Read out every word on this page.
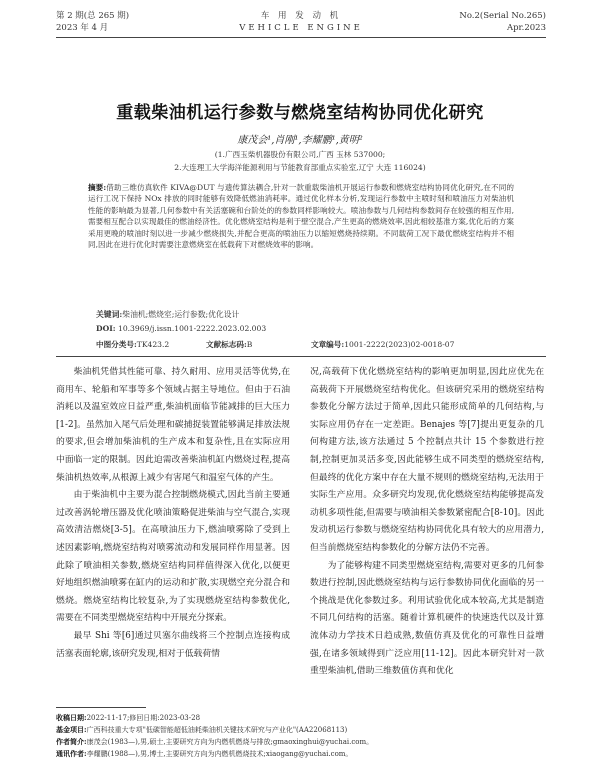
第 2 期(总 265 期)
2023 年 4 月
车 用 发 动 机
VEHICLE ENGINE
No.2(Serial No.265)
Apr.2023
重载柴油机运行参数与燃烧室结构协同优化研究
康茂会¹,肖刚¹,李耀鹏¹,黄明²
(1.广西玉柴机器股份有限公司,广西 玉林 537000;
2.大连理工大学海洋能源利用与节能教育部重点实验室,辽宁 大连 116024)
摘要:借助三维仿真软件 KIVA@DUT 与遗传算法耦合,针对一款重载柴油机开展运行参数和燃烧室结构协同优化研究,在不同的运行工况下保持 NOx 排放的同时能够有效降低燃油消耗率。通过优化样本分析,发现运行参数中主喷时刻和喷油压力对柴油机性能的影响最为显著,几何参数中有关活塞碗和台阶处的的参数同样影响较大。喷油参数与几何结构参数间存在较强的相互作用,需要相互配合以实现最佳的燃油经济性。优化燃烧室结构是利于壁空混合,产生更高的燃烧效率,因此相较基准方案,优化后的方案采用更晚的喷油时刻以进一步减少燃烧损失,并配合更高的喷油压力以缩短燃烧持续期。不同载荷工况下最优燃烧室结构并不相同,因此在进行优化时需要注意燃烧室在低载荷下对燃烧效率的影响。
关键词:柴油机;燃烧室;运行参数;优化设计
DOI: 10.3969/j.issn.1001-2222.2023.02.003
中图分类号:TK423.2	文献标志码:B	文章编号:1001-2222(2023)02-0018-07

柴油机凭借其性能可靠、持久耐用、应用灵活等优势,在商用车、轮船和军事等多个领域占据主导地位。但由于石油消耗以及温室效应日益严重,柴油机面临节能减排的巨大压力[1-2]。虽然加入尾气后处理和碳捕捉装置能够满足排放法规的要求,但会增加柴油机的生产成本和复杂性,且在实际应用中面临一定的限制。因此迫需改善柴油机缸内燃烧过程,提高柴油机热效率,从根源上减少有害尾气和温室气体的产生。

由于柴油机中主要为混合控制燃烧模式,因此当前主要通过改善涡轮增压器及优化喷油策略促进柴油与空气混合,实现高效清洁燃烧[3-5]。在高喷油压力下,燃油喷雾除了受到上述因素影响,燃烧室结构对喷雾流动和发展同样作用显著。因此除了喷油相关参数,燃烧室结构同样值得深入优化,以便更好地组织燃油喷雾在缸内的运动和扩散,实现燃空充分混合和燃烧。燃烧室结构比较复杂,为了实现燃烧室结构参数优化,需要在不同类型燃烧室结构中开展充分探索。

最早 Shi 等[6]通过贝塞尔曲线将三个控制点连接构成活塞表面轮廓,该研究发现,相对于低载荷情

况,高载荷下优化燃烧室结构的影响更加明显,因此应优先在高载荷下开展燃烧室结构优化。但该研究采用的燃烧室结构参数化分解方法过于简单,因此只能形成简单的几何结构,与实际应用仍存在一定差距。Benajes 等[7]提出更复杂的几何构建方法,该方法通过 5 个控制点共计 15 个参数进行控制,控制更加灵活多变,因此能够生成不同类型的燃烧室结构,但最终的优化方案中存在大量不规则的燃烧室结构,无法用于实际生产应用。众多研究均发现,优化燃烧室结构能够提高发动机多项性能,但需要与喷油相关参数紧密配合[8-10]。因此发动机运行参数与燃烧室结构协同优化具有较大的应用潜力,但当前燃烧室结构参数化的分解方法仍不完善。

为了能够构建不同类型燃烧室结构,需要对更多的几何参数进行控制,因此燃烧室结构与运行参数协同优化面临的另一个挑战是优化参数过多。利用试验优化成本较高,尤其是制造不同几何结构的活塞。随着计算机硬件的快速迭代以及计算流体动力学技术日趋成熟,数值仿真及优化的可靠性日益增强,在诸多领域得到广泛应用[11-12]。因此本研究针对一款重型柴油机,借助三维数值仿真和优化

收稿日期:2022-11-17;修回日期:2023-03-28
基金项目:广西科技重大专项"低碳智能超低油耗柴油机关键技术研究与产业化"(AA22068113)
作者简介:康茂会(1983—),男,硕士,主要研究方向为内燃机燃烧与排放;gmaoxinghui@yuchai.com。
通讯作者:李耀鹏(1988—),男,博士,主要研究方向为内燃机燃烧技术;xiaogang@yuchai.com。
